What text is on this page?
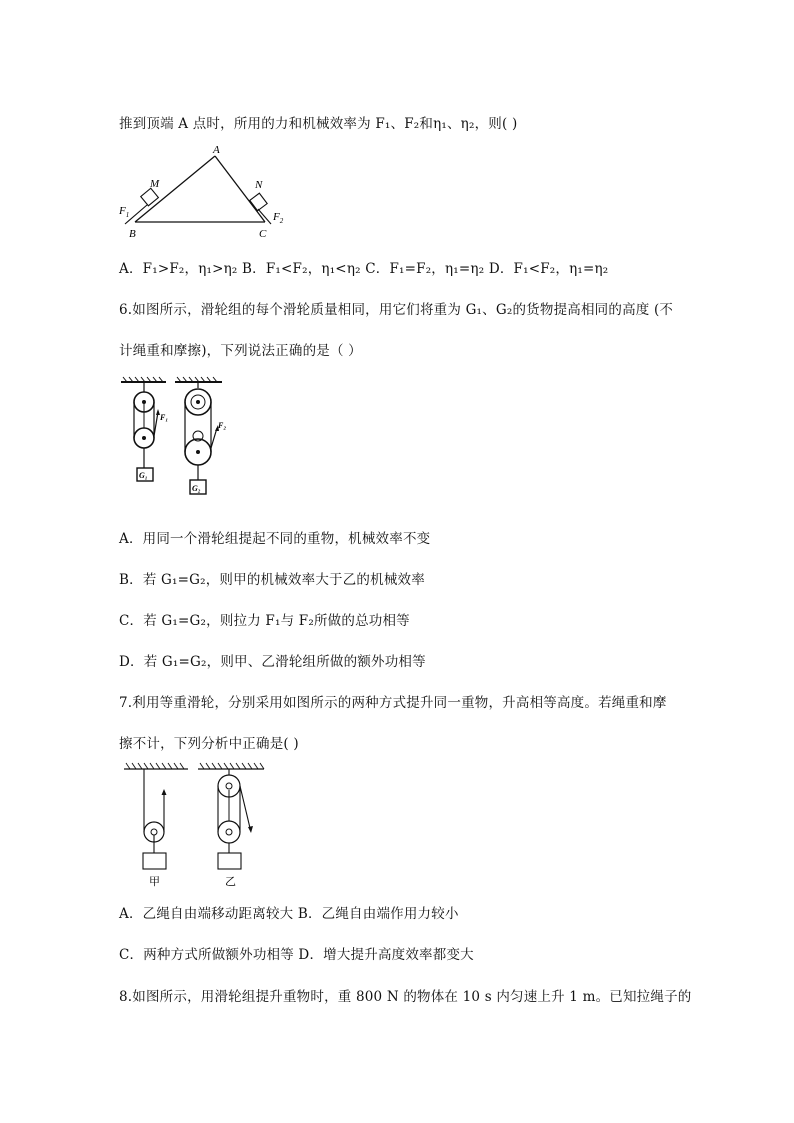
推到顶端 A 点时，所用的力和机械效率为 F₁、F₂和η₁、η₂，则( )
A
B	C
M	N
$F_1$	$F_2$
A．F₁>F₂，η₁>η₂ B．F₁<F₂，η₁<η₂ C．F₁=F₂，η₁=η₂ D．F₁<F₂，η₁=η₂
6.如图所示，滑轮组的每个滑轮质量相同，用它们将重为 G₁、G₂的货物提高相同的高度 (不
计绳重和摩擦)，下列说法正确的是（ ）
F₁
F₂
G₁
G₂
A．用同一个滑轮组提起不同的重物，机械效率不变
B．若 G₁=G₂，则甲的机械效率大于乙的机械效率
C．若 G₁=G₂，则拉力 F₁与 F₂所做的总功相等
D．若 G₁=G₂，则甲、乙滑轮组所做的额外功相等
7.利用等重滑轮，分别采用如图所示的两种方式提升同一重物，升高相等高度。若绳重和摩
擦不计，下列分析中正确是( )
甲	乙
A．乙绳自由端移动距离较大 B．乙绳自由端作用力较小
C．两种方式所做额外功相等 D．增大提升高度效率都变大
8.如图所示，用滑轮组提升重物时，重 800 N 的物体在 10 s 内匀速上升 1 m。已知拉绳子的
